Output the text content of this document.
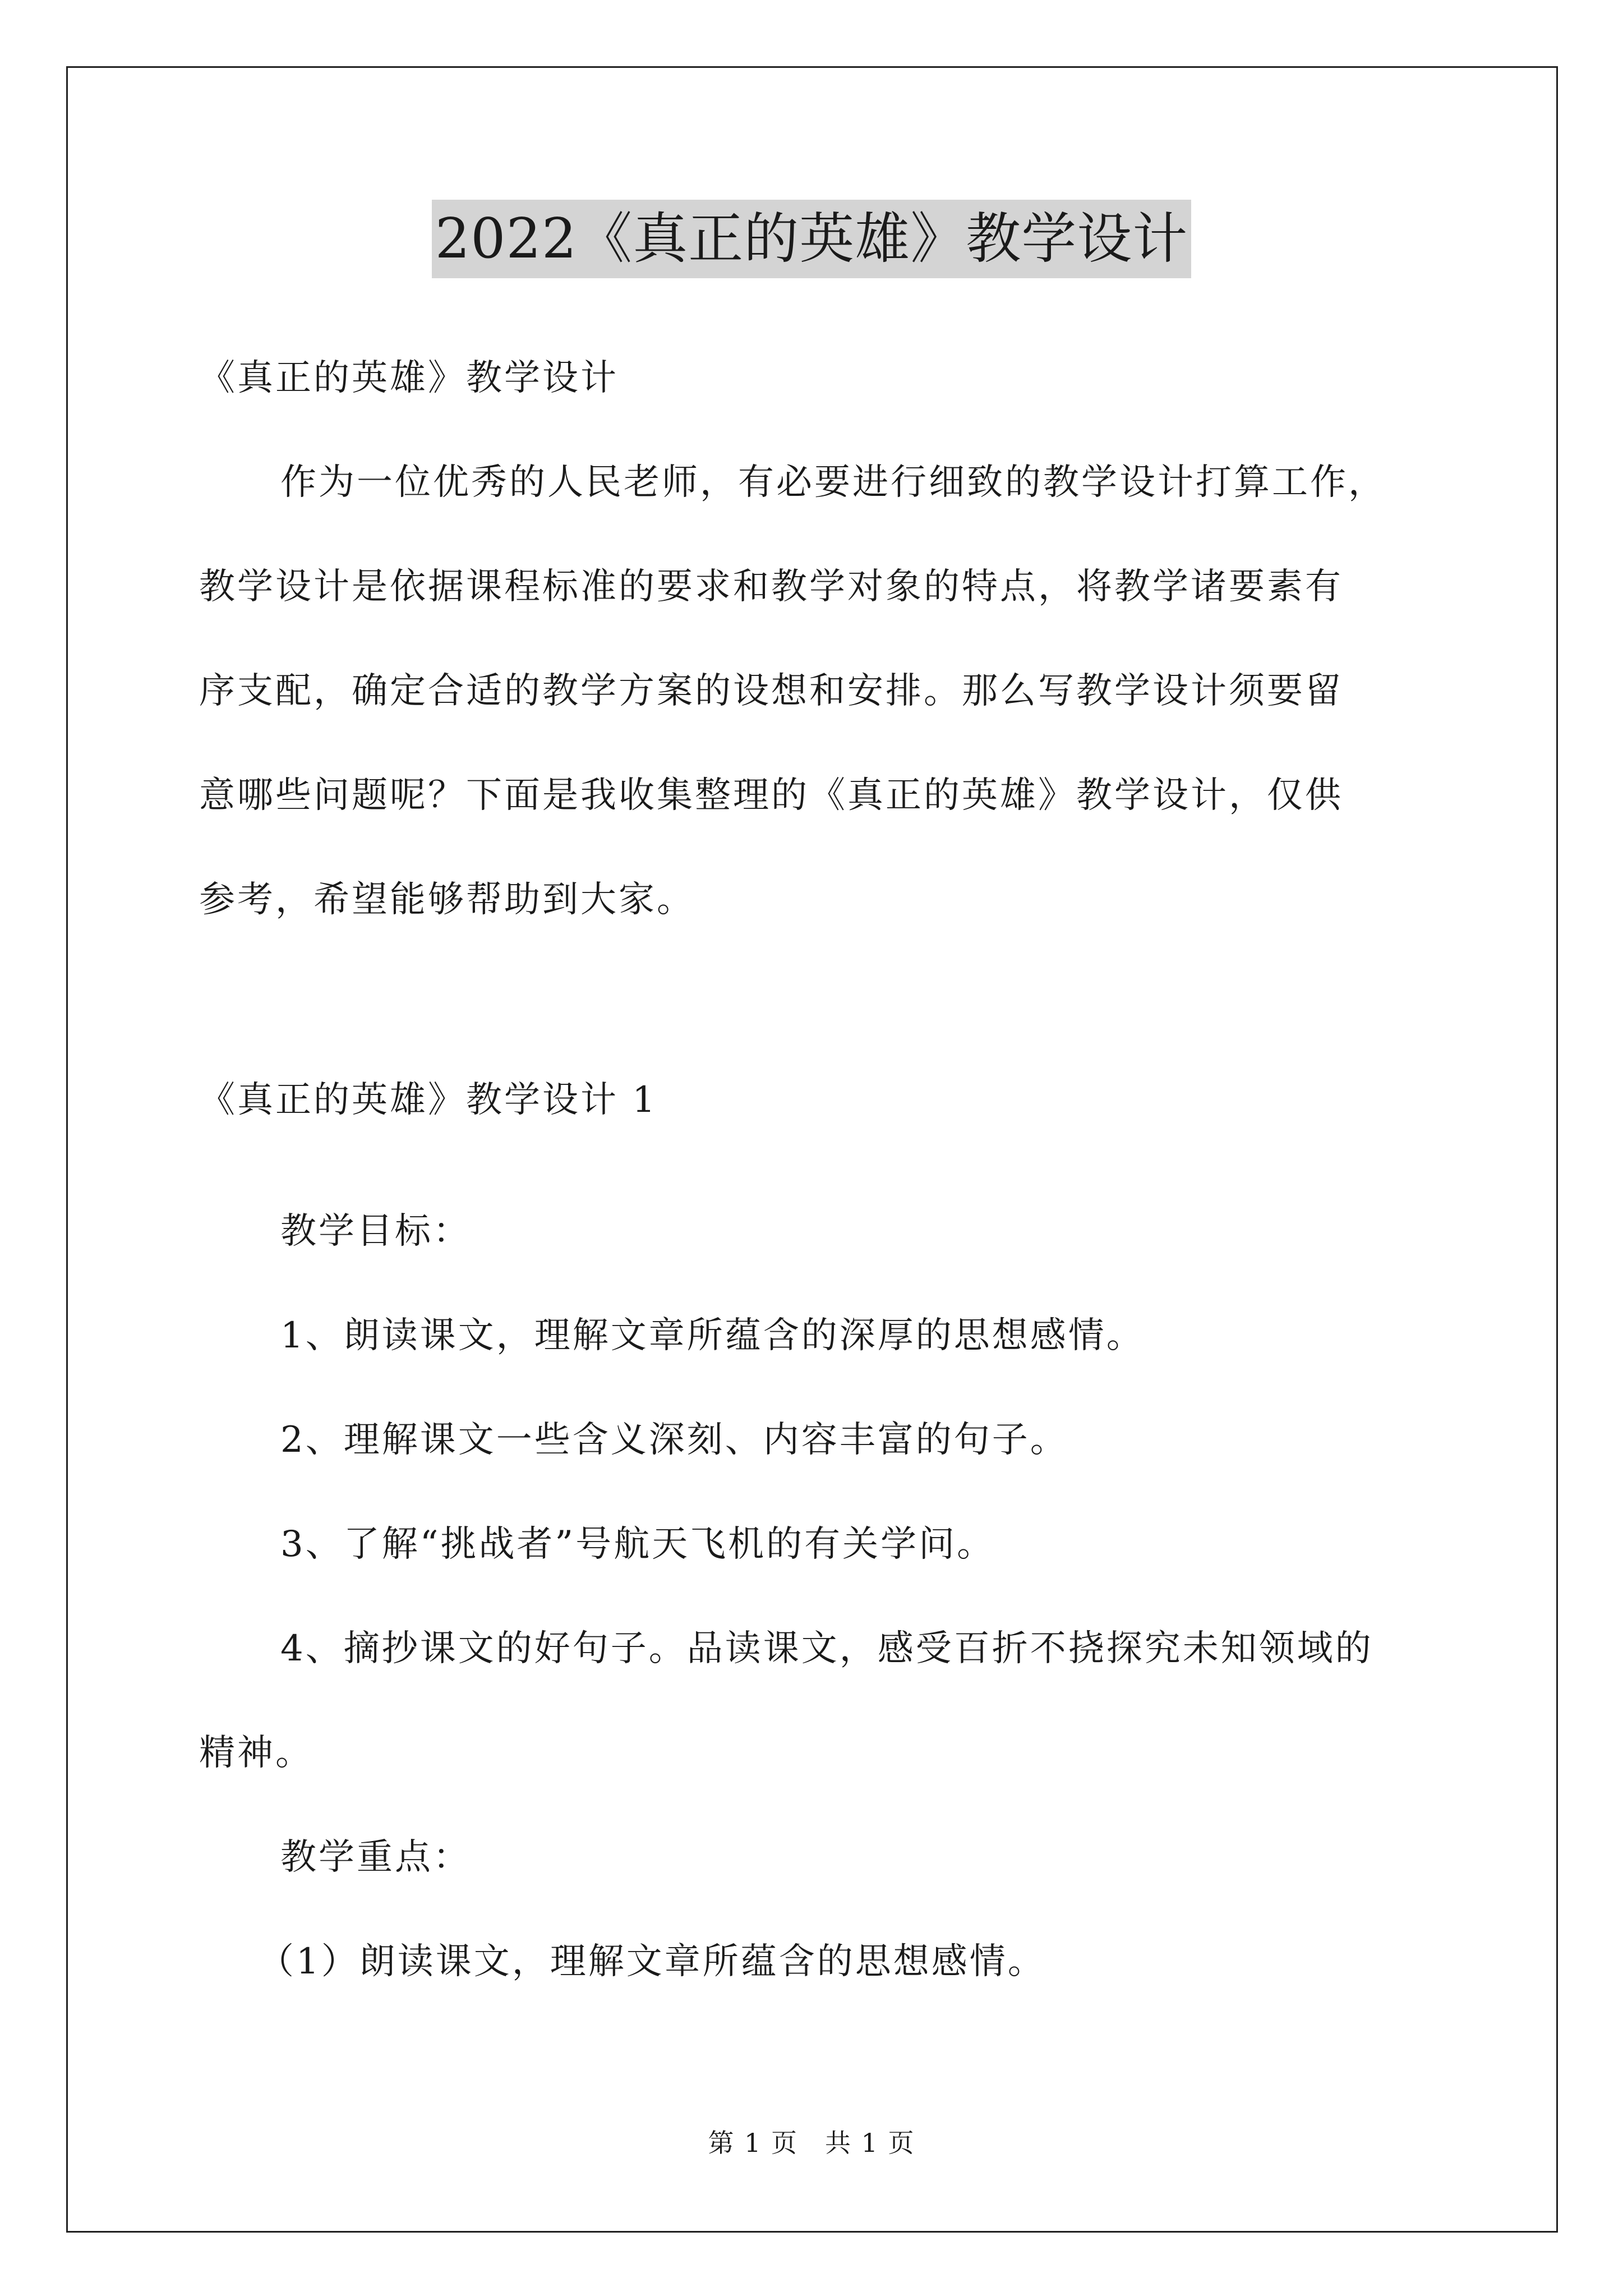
2022《真正的英雄》教学设计
《真正的英雄》教学设计
作为一位优秀的人民老师，有必要进行细致的教学设计打算工作，
教学设计是依据课程标准的要求和教学对象的特点，将教学诸要素有
序支配，确定合适的教学方案的设想和安排。那么写教学设计须要留
意哪些问题呢？下面是我收集整理的《真正的英雄》教学设计，仅供
参考，希望能够帮助到大家。
《真正的英雄》教学设计 1
教学目标：
1、朗读课文，理解文章所蕴含的深厚的思想感情。
2、理解课文一些含义深刻、内容丰富的句子。
3、了解“挑战者”号航天飞机的有关学问。
4、摘抄课文的好句子。品读课文，感受百折不挠探究未知领域的
精神。
教学重点：
（1）朗读课文，理解文章所蕴含的思想感情。
第 1 页　共 1 页
